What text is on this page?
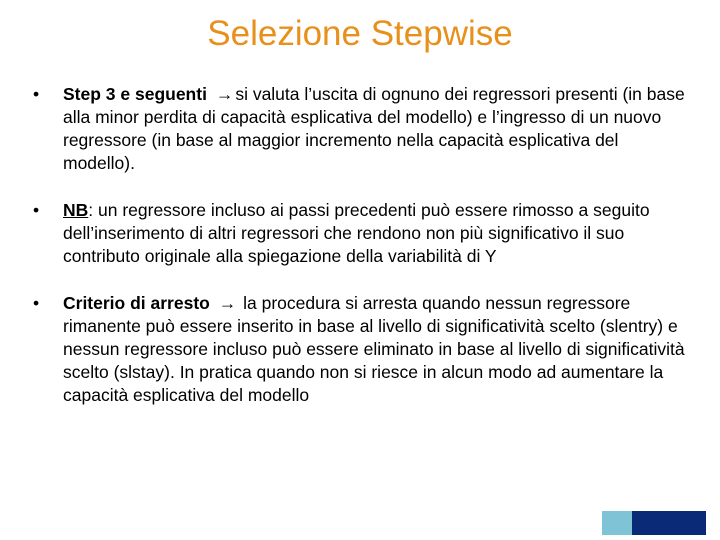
Selezione Stepwise
• Step 3 e seguenti → si valuta l’uscita di ognuno dei regressori presenti (in base alla minor perdita di capacità esplicativa del modello) e l’ingresso di un nuovo regressore (in base al maggior incremento nella capacità esplicativa del modello).
• NB: un regressore incluso ai passi precedenti può essere rimosso a seguito dell’inserimento di altri regressori che rendono non più significativo il suo contributo originale alla spiegazione della variabilità di Y
• Criterio di arresto → la procedura si arresta quando nessun regressore rimanente può essere inserito in base al livello di significatività scelto (slentry) e nessun regressore incluso può essere eliminato in base al livello di significatività scelto (slstay). In pratica quando non si riesce in alcun modo ad aumentare la capacità esplicativa del modello
